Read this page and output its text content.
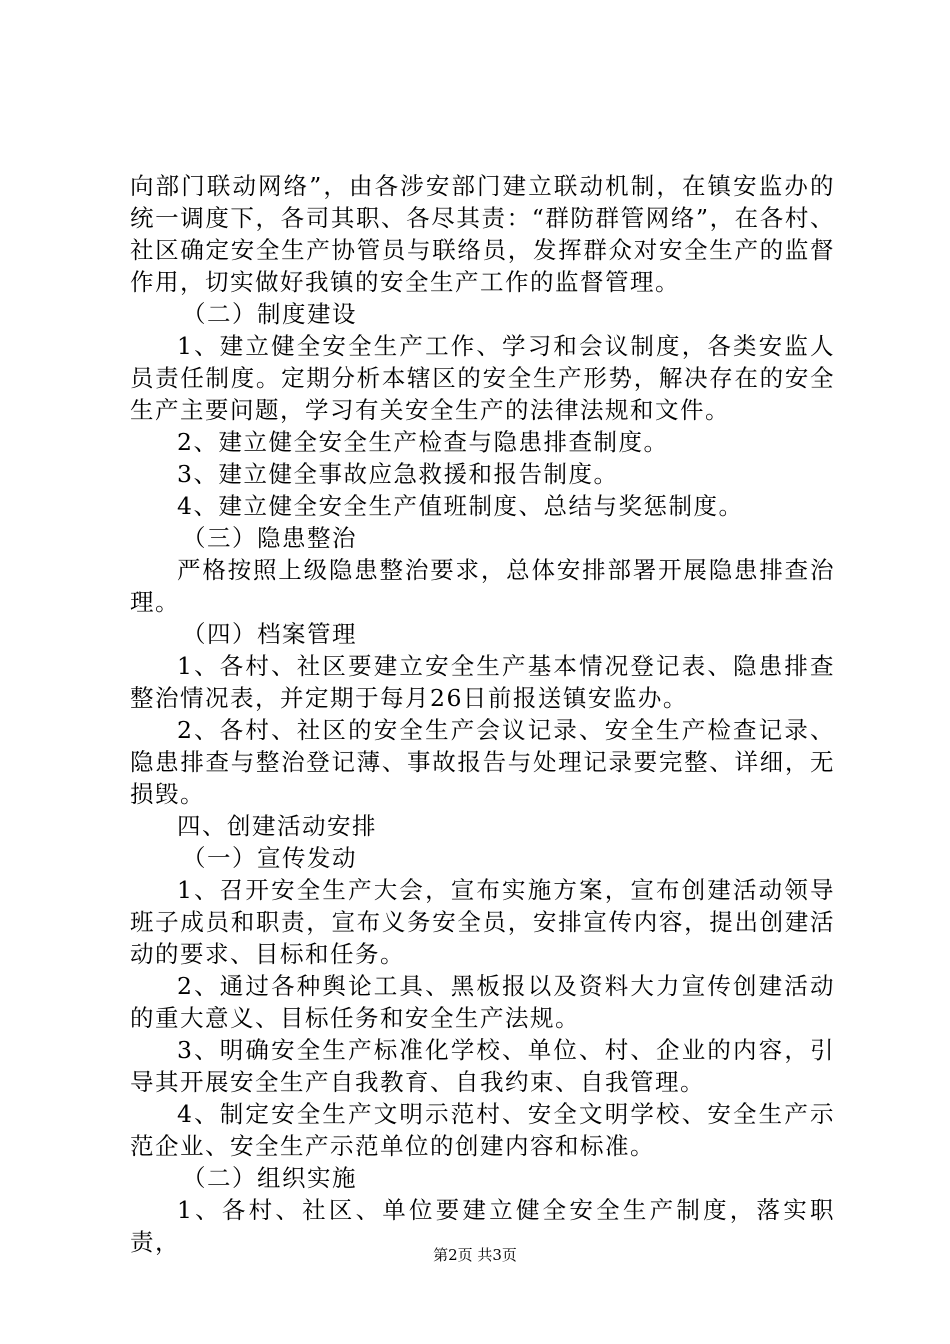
向部门联动网络”，由各涉安部门建立联动机制，在镇安监办的统一调度下，各司其职、各尽其责：“群防群管网络”，在各村、社区确定安全生产协管员与联络员，发挥群众对安全生产的监督作用，切实做好我镇的安全生产工作的监督管理。

（二）制度建设

1、建立健全安全生产工作、学习和会议制度，各类安监人员责任制度。定期分析本辖区的安全生产形势，解决存在的安全生产主要问题，学习有关安全生产的法律法规和文件。

2、建立健全安全生产检查与隐患排查制度。

3、建立健全事故应急救援和报告制度。

4、建立健全安全生产值班制度、总结与奖惩制度。

（三）隐患整治

严格按照上级隐患整治要求，总体安排部署开展隐患排查治理。

（四）档案管理

1、各村、社区要建立安全生产基本情况登记表、隐患排查整治情况表，并定期于每月26日前报送镇安监办。

2、各村、社区的安全生产会议记录、安全生产检查记录、隐患排查与整治登记薄、事故报告与处理记录要完整、详细，无损毁。

四、创建活动安排

（一）宣传发动

1、召开安全生产大会，宣布实施方案，宣布创建活动领导班子成员和职责，宣布义务安全员，安排宣传内容，提出创建活动的要求、目标和任务。

2、通过各种舆论工具、黑板报以及资料大力宣传创建活动的重大意义、目标任务和安全生产法规。

3、明确安全生产标准化学校、单位、村、企业的内容，引导其开展安全生产自我教育、自我约束、自我管理。

4、制定安全生产文明示范村、安全文明学校、安全生产示范企业、安全生产示范单位的创建内容和标准。

（二）组织实施

1、各村、社区、单位要建立健全安全生产制度，落实职责，	第2页 共3页
